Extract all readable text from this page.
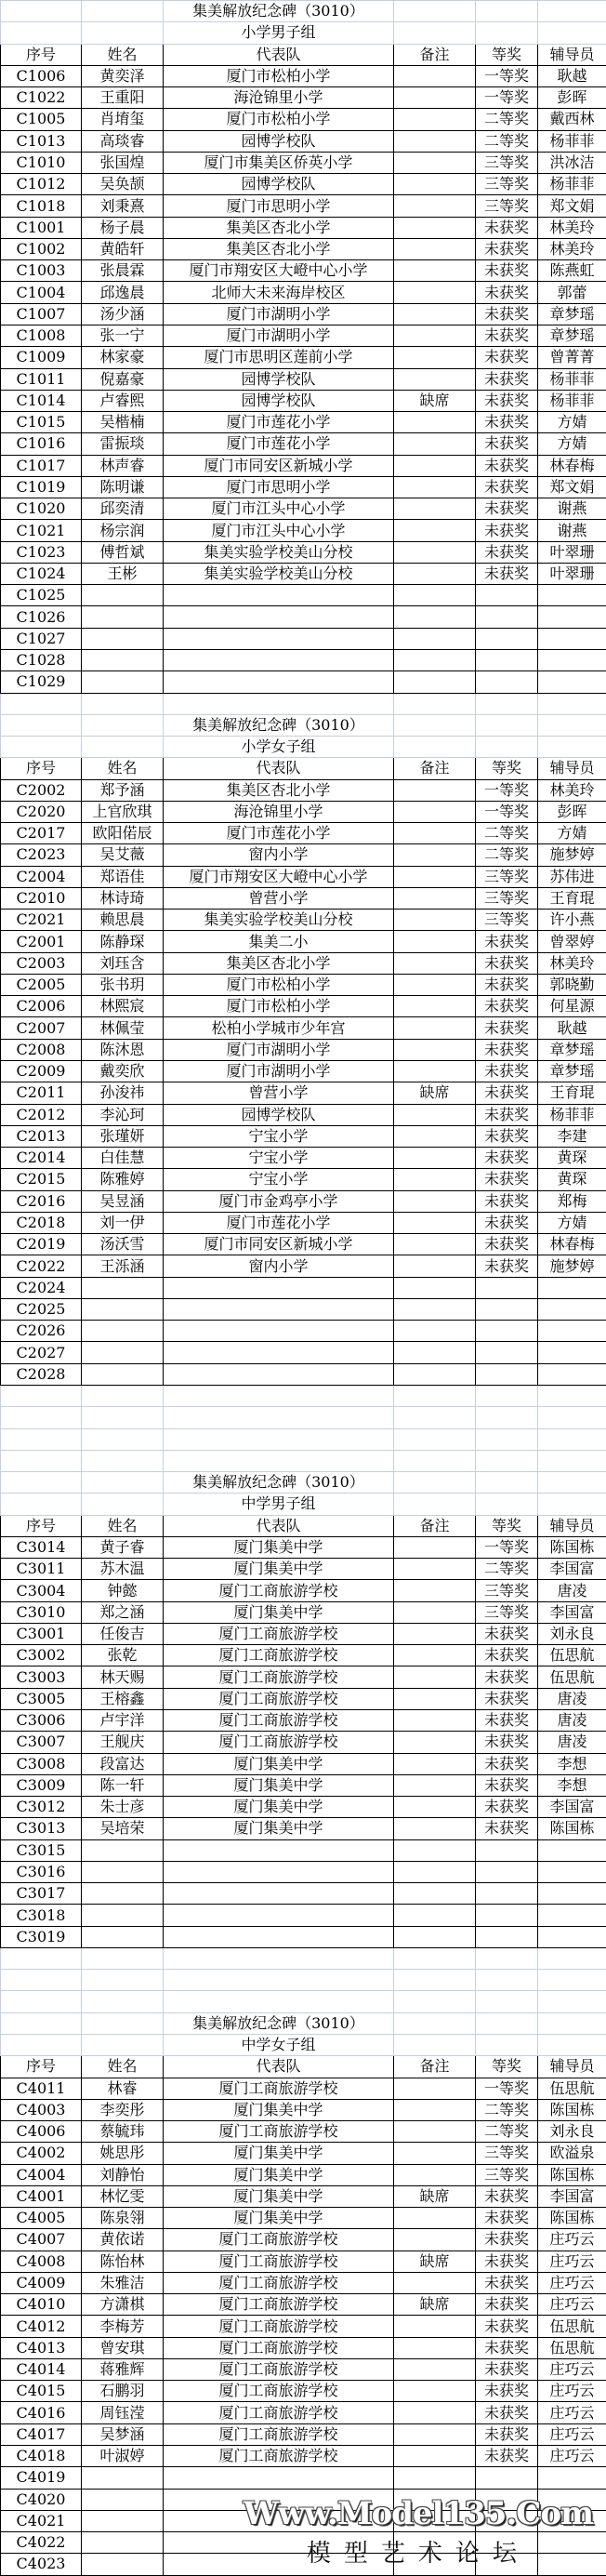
		集美解放纪念碑（3010）			
		小学男子组			
序号	姓名	代表队	备注	等奖	辅导员
C1006	黄奕泽	厦门市松柏小学		一等奖	耿越
C1022	王重阳	海沧锦里小学		一等奖	彭晖
C1005	肖堉玺	厦门市松柏小学		二等奖	戴西林
C1013	高琰睿	园博学校队		二等奖	杨菲菲
C1010	张国煌	厦门市集美区侨英小学		三等奖	洪冰洁
C1012	吴奂颉	园博学校队		三等奖	杨菲菲
C1018	刘秉熹	厦门市思明小学		三等奖	郑文娟
C1001	杨子晨	集美区杏北小学		未获奖	林美玲
C1002	黄皓轩	集美区杏北小学		未获奖	林美玲
C1003	张晨霖	厦门市翔安区大嶝中心小学		未获奖	陈燕虹
C1004	邱逸晨	北师大未来海岸校区		未获奖	郭蕾
C1007	汤少涵	厦门市湖明小学		未获奖	章梦瑶
C1008	张一宁	厦门市湖明小学		未获奖	章梦瑶
C1009	林家豪	厦门市思明区莲前小学		未获奖	曾菁菁
C1011	倪嘉豪	园博学校队		未获奖	杨菲菲
C1014	卢睿熙	园博学校队	缺席	未获奖	杨菲菲
C1015	吴楷楠	厦门市莲花小学		未获奖	方婧
C1016	雷振琰	厦门市莲花小学		未获奖	方婧
C1017	林声睿	厦门市同安区新城小学		未获奖	林春梅
C1019	陈明谦	厦门市思明小学		未获奖	郑文娟
C1020	邱奕清	厦门市江头中心小学		未获奖	谢燕
C1021	杨宗润	厦门市江头中心小学		未获奖	谢燕
C1023	傅哲斌	集美实验学校美山分校		未获奖	叶翠珊
C1024	王彬	集美实验学校美山分校		未获奖	叶翠珊
C1025					
C1026					
C1027					
C1028					
C1029					

		集美解放纪念碑（3010）			
		小学女子组			
序号	姓名	代表队	备注	等奖	辅导员
C2002	郑予涵	集美区杏北小学		一等奖	林美玲
C2020	上官欣琪	海沧锦里小学		一等奖	彭晖
C2017	欧阳偌辰	厦门市莲花小学		二等奖	方婧
C2023	吴艾薇	窗内小学		二等奖	施梦婷
C2004	郑语佳	厦门市翔安区大嶝中心小学		三等奖	苏伟进
C2010	林诗琦	曾营小学		三等奖	王育琨
C2021	赖思晨	集美实验学校美山分校		三等奖	许小燕
C2001	陈静琛	集美二小		未获奖	曾翠婷
C2003	刘珏含	集美区杏北小学		未获奖	林美玲
C2005	张书玥	厦门市松柏小学		未获奖	郭晓勤
C2006	林熙宸	厦门市松柏小学		未获奖	何星源
C2007	林佩莹	松柏小学城市少年宫		未获奖	耿越
C2008	陈沐恩	厦门市湖明小学		未获奖	章梦瑶
C2009	戴奕欣	厦门市湖明小学		未获奖	章梦瑶
C2011	孙浚祎	曾营小学	缺席	未获奖	王育琨
C2012	李沁珂	园博学校队		未获奖	杨菲菲
C2013	张瑾妍	宁宝小学		未获奖	李建
C2014	白佳慧	宁宝小学		未获奖	黄琛
C2015	陈雅婷	宁宝小学		未获奖	黄琛
C2016	吴昱涵	厦门市金鸡亭小学		未获奖	郑梅
C2018	刘一伊	厦门市莲花小学		未获奖	方婧
C2019	汤沃雪	厦门市同安区新城小学		未获奖	林春梅
C2022	王泺涵	窗内小学		未获奖	施梦婷
C2024					
C2025					
C2026					
C2027					
C2028					

		集美解放纪念碑（3010）			
		中学男子组			
序号	姓名	代表队	备注	等奖	辅导员
C3014	黄子睿	厦门集美中学		一等奖	陈国栋
C3011	苏木温	厦门集美中学		二等奖	李国富
C3004	钟懿	厦门工商旅游学校		三等奖	唐凌
C3010	郑之涵	厦门集美中学		三等奖	李国富
C3001	任俊吉	厦门工商旅游学校		未获奖	刘永良
C3002	张乾	厦门工商旅游学校		未获奖	伍思航
C3003	林天赐	厦门工商旅游学校		未获奖	伍思航
C3005	王榕鑫	厦门工商旅游学校		未获奖	唐凌
C3006	卢宇洋	厦门工商旅游学校		未获奖	唐凌
C3007	王舰庆	厦门工商旅游学校		未获奖	唐凌
C3008	段富达	厦门集美中学		未获奖	李想
C3009	陈一轩	厦门集美中学		未获奖	李想
C3012	朱士彦	厦门集美中学		未获奖	李国富
C3013	吴培荣	厦门集美中学		未获奖	陈国栋
C3015					
C3016					
C3017					
C3018					
C3019					

		集美解放纪念碑（3010）			
		中学女子组			
序号	姓名	代表队	备注	等奖	辅导员
C4011	林睿	厦门工商旅游学校		一等奖	伍思航
C4003	李奕彤	厦门集美中学		二等奖	陈国栋
C4006	蔡毓玮	厦门工商旅游学校		二等奖	刘永良
C4002	姚思彤	厦门集美中学		三等奖	欧溢泉
C4004	刘静怡	厦门集美中学		三等奖	陈国栋
C4001	林忆雯	厦门集美中学	缺席	未获奖	李国富
C4005	陈泉翎	厦门集美中学		未获奖	陈国栋
C4007	黄依诺	厦门工商旅游学校		未获奖	庄巧云
C4008	陈怡林	厦门工商旅游学校	缺席	未获奖	庄巧云
C4009	朱雅洁	厦门工商旅游学校		未获奖	庄巧云
C4010	方潇棋	厦门工商旅游学校	缺席	未获奖	庄巧云
C4012	李梅芳	厦门工商旅游学校		未获奖	伍思航
C4013	曾安琪	厦门工商旅游学校		未获奖	伍思航
C4014	蒋雅辉	厦门工商旅游学校		未获奖	庄巧云
C4015	石鹏羽	厦门工商旅游学校		未获奖	庄巧云
C4016	周钰滢	厦门工商旅游学校		未获奖	庄巧云
C4017	吴梦涵	厦门工商旅游学校		未获奖	庄巧云
C4018	叶淑婷	厦门工商旅游学校		未获奖	庄巧云
C4019					
C4020					
C4021					
C4022					
C4023					
Www.Model135.Com
模型艺术论坛
